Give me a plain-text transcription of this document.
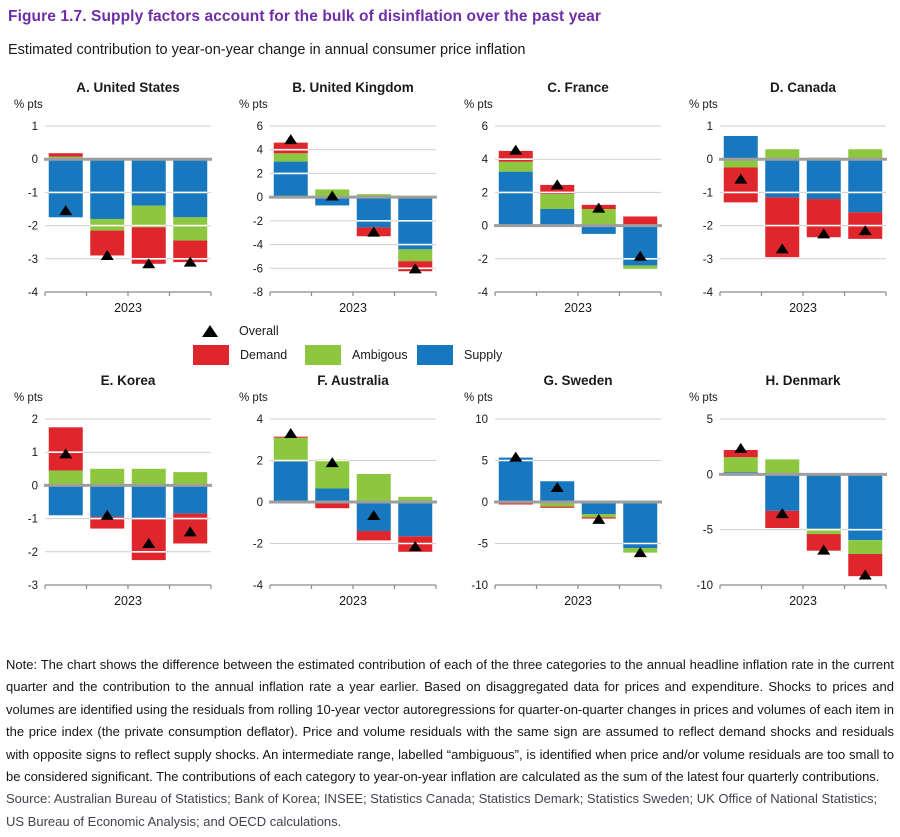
Figure 1.7. Supply factors account for the bulk of disinflation over the past year
Estimated contribution to year-on-year change in annual consumer price inflation
A. United States
% pts
-4
-3
-2
-1
0
1
2023
B. United Kingdom
% pts
-8
-6
-4
-2
0
2
4
6
2023
C. France
% pts
-4
-2
0
2
4
6
2023
D. Canada
% pts
-4
-3
-2
-1
0
1
2023
Overall
Demand	Ambigous	Supply
E. Korea
% pts
-3
-2
-1
0
1
2
2023
F. Australia
% pts
-4
-2
0
2
4
2023
G. Sweden
% pts
-10
-5
0
5
10
2023
H. Denmark
% pts
-10
-5
0
5
2023

Note: The chart shows the difference between the estimated contribution of each of the three categories to the annual headline inflation rate in the current quarter and the contribution to the annual inflation rate a year earlier. Based on disaggregated data for prices and expenditure. Shocks to prices and volumes are identified using the residuals from rolling 10-year vector autoregressions for quarter-on-quarter changes in prices and volumes of each item in the price index (the private consumption deflator). Price and volume residuals with the same sign are assumed to reflect demand shocks and residuals with opposite signs to reflect supply shocks. An intermediate range, labelled “ambiguous”, is identified when price and/or volume residuals are too small to be considered significant. The contributions of each category to year-on-year inflation are calculated as the sum of the latest four quarterly contributions.

Source: Australian Bureau of Statistics; Bank of Korea; INSEE; Statistics Canada; Statistics Demark; Statistics Sweden; UK Office of National Statistics; US Bureau of Economic Analysis; and OECD calculations.
